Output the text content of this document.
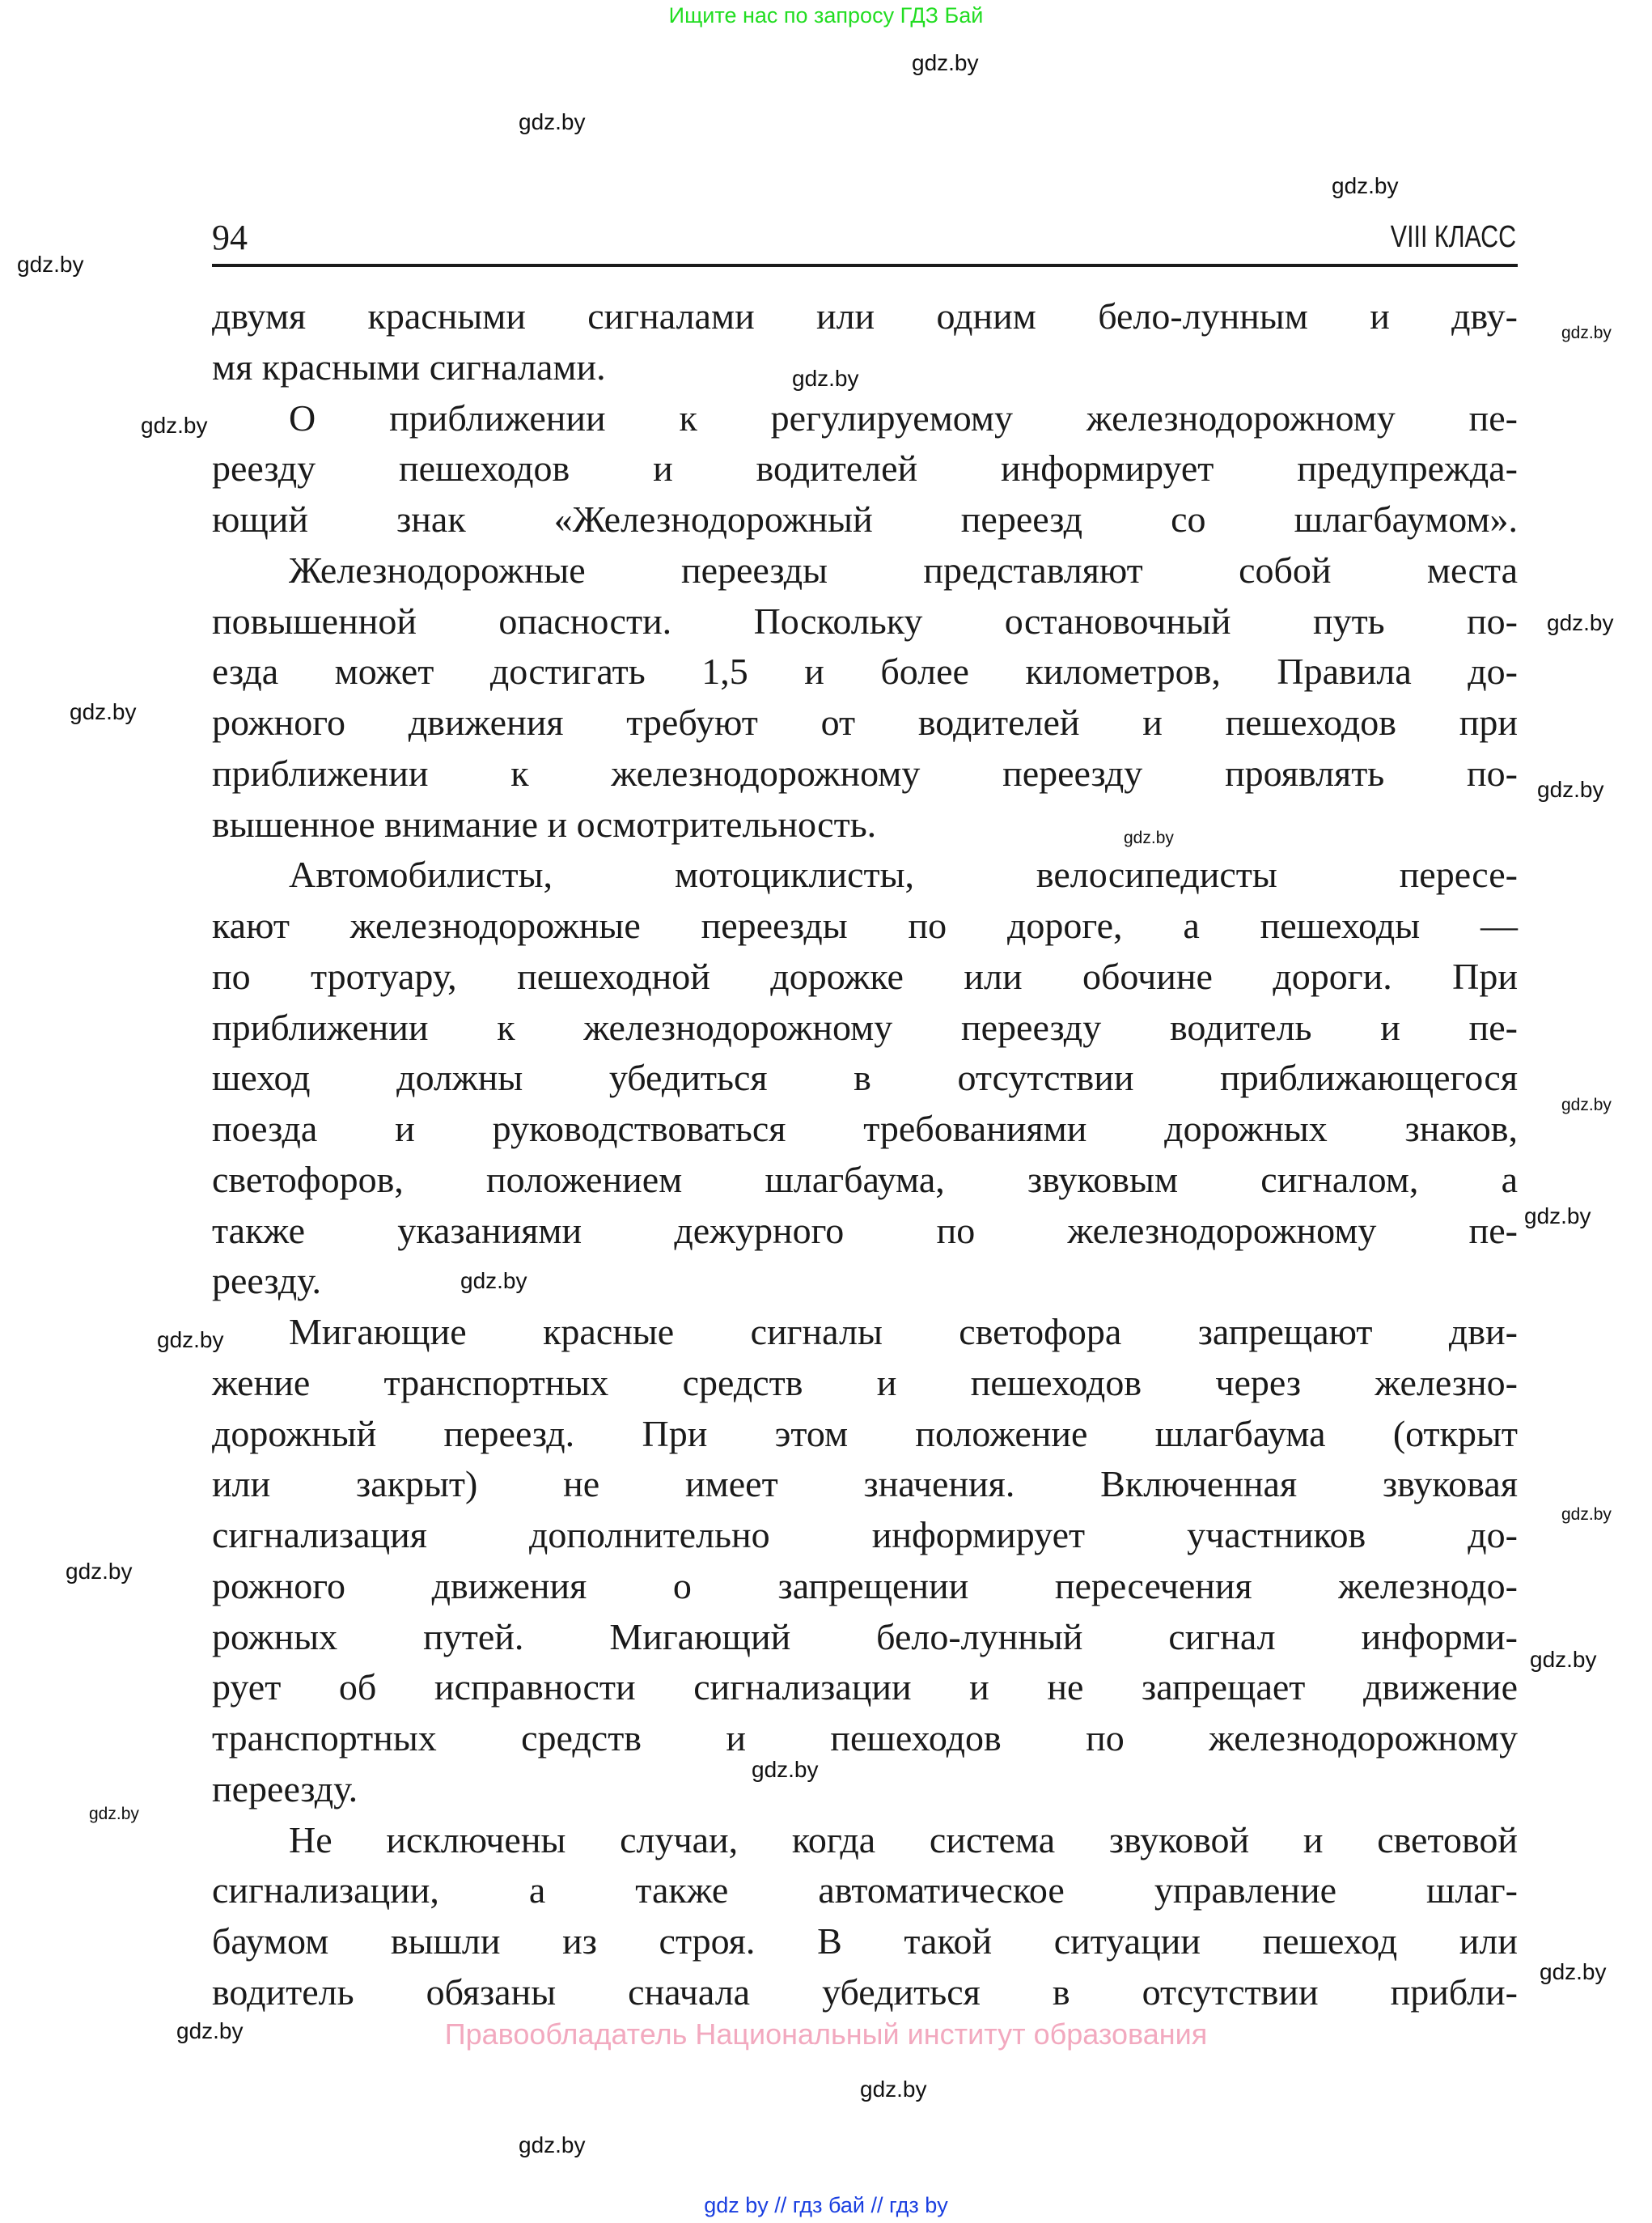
Ищите нас по запросу ГДЗ Бай
94	VIII КЛАСС
двумя красными сигналами или одним бело-лунным и дву-
мя красными сигналами.
О приближении к регулируемому железнодорожному пе-
реезду пешеходов и водителей информирует предупрежда-
ющий знак «Железнодорожный переезд со шлагбаумом».
Железнодорожные переезды представляют собой места
повышенной опасности. Поскольку остановочный путь по-
езда может достигать 1,5 и более километров, Правила до-
рожного движения требуют от водителей и пешеходов при
приближении к железнодорожному переезду проявлять по-
вышенное внимание и осмотрительность.
Автомобилисты, мотоциклисты, велосипедисты пересе-
кают железнодорожные переезды по дороге, а пешеходы —
по тротуару, пешеходной дорожке или обочине дороги. При
приближении к железнодорожному переезду водитель и пе-
шеход должны убедиться в отсутствии приближающегося
поезда и руководствоваться требованиями дорожных знаков,
светофоров, положением шлагбаума, звуковым сигналом, а
также указаниями дежурного по железнодорожному пе-
реезду.
Мигающие красные сигналы светофора запрещают дви-
жение транспортных средств и пешеходов через железно-
дорожный переезд. При этом положение шлагбаума (открыт
или закрыт) не имеет значения. Включенная звуковая
сигнализация дополнительно информирует участников до-
рожного движения о запрещении пересечения железнодо-
рожных путей. Мигающий бело-лунный сигнал информи-
рует об исправности сигнализации и не запрещает движение
транспортных средств и пешеходов по железнодорожному
переезду.
Не исключены случаи, когда система звуковой и световой
сигнализации, а также автоматическое управление шлаг-
баумом вышли из строя. В такой ситуации пешеход или
водитель обязаны сначала убедиться в отсутствии прибли-
gdz.by
gdz.by
gdz.by
gdz.by
gdz.by
gdz.by
gdz.by
gdz.by
gdz.by
gdz.by
gdz.by
gdz.by
gdz.by
gdz.by
gdz.by
gdz.by
gdz.by
gdz.by
gdz.by
gdz.by
gdz.by
gdz.by
gdz.by
gdz.by
Правообладатель Национальный институт образования
gdz by // гдз бай // гдз by
